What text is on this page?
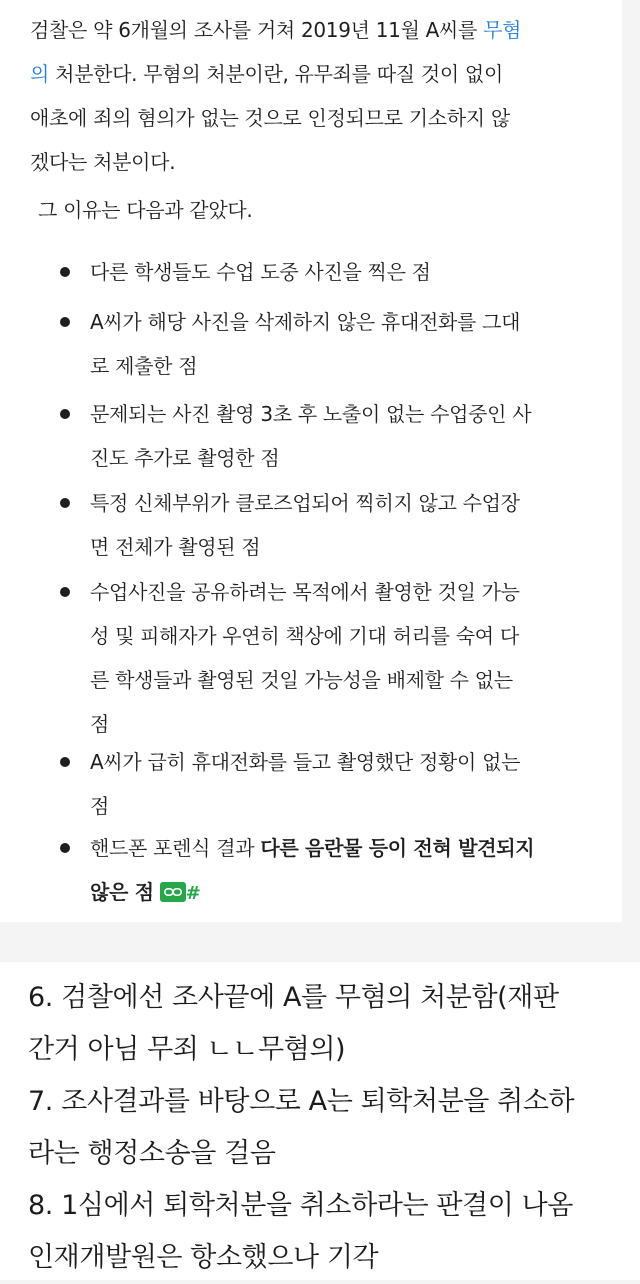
검찰은 약 6개월의 조사를 거쳐 2019년 11월 A씨를 무혐
의 처분한다. 무혐의 처분이란, 유무죄를 따질 것이 없이
애초에 죄의 혐의가 없는 것으로 인정되므로 기소하지 않
겠다는 처분이다.
그 이유는 다음과 같았다.
다른 학생들도 수업 도중 사진을 찍은 점
A씨가 해당 사진을 삭제하지 않은 휴대전화를 그대
로 제출한 점
문제되는 사진 촬영 3초 후 노출이 없는 수업중인 사
진도 추가로 촬영한 점
특정 신체부위가 클로즈업되어 찍히지 않고 수업장
면 전체가 촬영된 점
수업사진을 공유하려는 목적에서 촬영한 것일 가능
성 및 피해자가 우연히 책상에 기대 허리를 숙여 다
른 학생들과 촬영된 것일 가능성을 배제할 수 없는
점
A씨가 급히 휴대전화를 들고 촬영했단 정황이 없는
점
핸드폰 포렌식 결과 다른 음란물 등이 전혀 발견되지
않은 점 #
6. 검찰에선 조사끝에 A를 무혐의 처분함(재판
간거 아님 무죄 ㄴㄴ무혐의)
7. 조사결과를 바탕으로 A는 퇴학처분을 취소하
라는 행정소송을 걸음
8. 1심에서 퇴학처분을 취소하라는 판결이 나옴
인재개발원은 항소했으나 기각
